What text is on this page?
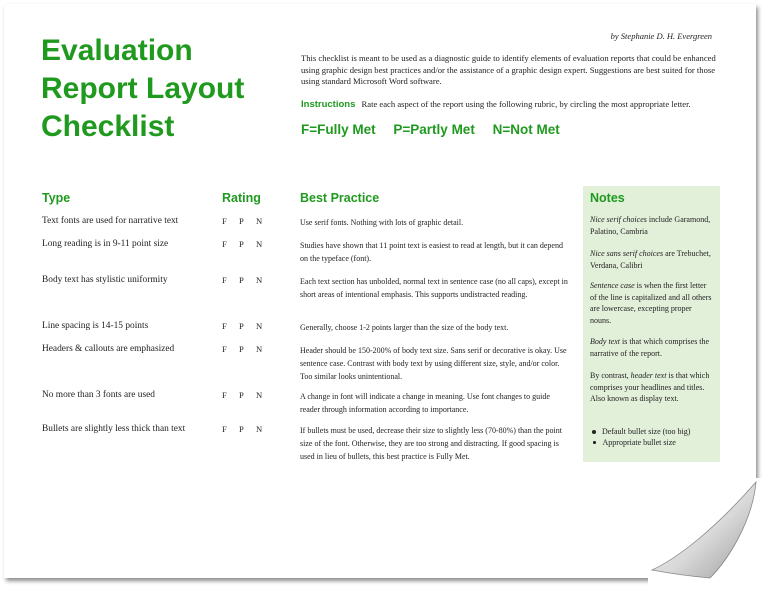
by Stephanie D. H. Evergreen
Evaluation Report Layout Checklist
This checklist is meant to be used as a diagnostic guide to identify elements of evaluation reports that could be enhanced using graphic design best practices and/or the assistance of a graphic design expert. Suggestions are best suited for those using standard Microsoft Word software.
Instructions Rate each aspect of the report using the following rubric, by circling the most appropriate letter.
F=Fully Met P=Partly Met N=Not Met
Type	Rating	Best Practice
Text fonts are used for narrative text	F P N	Use serif fonts. Nothing with lots of graphic detail.
Long reading is in 9-11 point size	F P N	Studies have shown that 11 point text is easiest to read at length, but it can depend on the typeface (font).
Body text has stylistic uniformity	F P N	Each text section has unbolded, normal text in sentence case (no all caps), except in short areas of intentional emphasis. This supports undistracted reading.
Line spacing is 14-15 points	F P N	Generally, choose 1-2 points larger than the size of the body text.
Headers & callouts are emphasized	F P N	Header should be 150-200% of body text size. Sans serif or decorative is okay. Use sentence case. Contrast with body text by using different size, style, and/or color. Too similar looks unintentional.
No more than 3 fonts are used	F P N	A change in font will indicate a change in meaning. Use font changes to guide reader through information according to importance.
Bullets are slightly less thick than text	F P N	If bullets must be used, decrease their size to slightly less (70-80%) than the point size of the font. Otherwise, they are too strong and distracting. If good spacing is used in lieu of bullets, this best practice is Fully Met.
Notes
Nice serif choices include Garamond, Palatino, Cambria
Nice sans serif choices are Trebuchet, Verdana, Calibri
Sentence case is when the first letter of the line is capitalized and all others are lowercase, excepting proper nouns.
Body text is that which comprises the narrative of the report.
By contrast, header text is that which comprises your headlines and titles. Also known as display text.
Default bullet size (too big)
Appropriate bullet size
